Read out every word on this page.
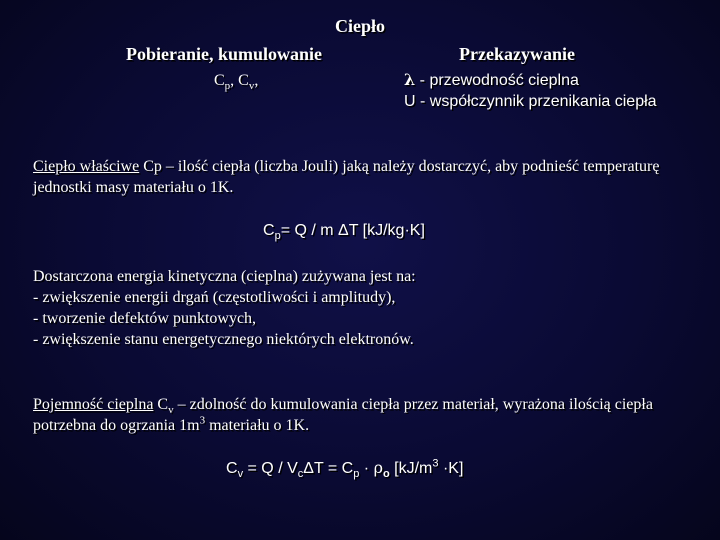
Ciepło
Pobieranie, kumulowanie
$C_p$, $C_v$,
Przekazywanie
λ - przewodność cieplna
U - współczynnik przenikania ciepła
Ciepło właściwe Cp – ilość ciepła (liczba Jouli) jaką należy dostarczyć, aby podnieść temperaturę jednostki masy materiału o 1K.
$C_p= Q / m$ ΔT [kJ/kg·K]
Dostarczona energia kinetyczna (cieplna) zużywana jest na:
- zwiększenie energii drgań (częstotliwości i amplitudy),
- tworzenie defektów punktowych,
- zwiększenie stanu energetycznego niektórych elektronów.
Pojemność cieplna $C_v$ – zdolność do kumulowania ciepła przez materiał, wyrażona ilością ciepła potrzebna do ogrzania $1m^3$ materiału o 1K.
$C_v = Q / V_c\Delta T = C_p \cdot \rho_o$ $[kJ/m^3 \cdot K]$
